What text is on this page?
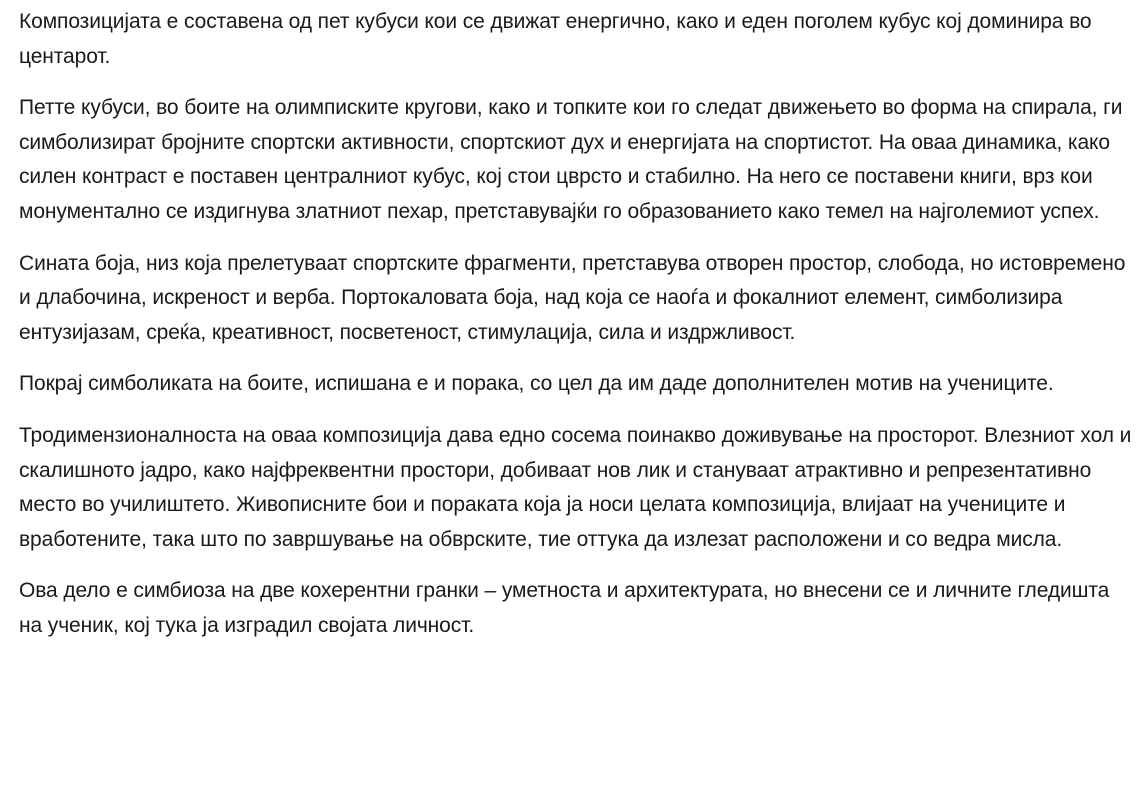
Композицијата е составена од пет кубуси кои се движат енергично, како и еден поголем кубус кој доминира во центарот.

Петте кубуси, во боите на олимписките кругови, како и топките кои го следат движењето во форма на спирала, ги симболизират бројните спортски активности, спортскиот дух и енергијата на спортистот. На оваа динамика, како силен контраст е поставен централниот кубус, кој стои цврсто и стабилно. На него се поставени книги, врз кои монументално се издигнува златниот пехар, претставувајќи го образованието како темел на најголемиот успех.

Сината боја, низ која прелетуваат спортските фрагменти, претставува отворен простор, слобода, но истовремено и длабочина, искреност и верба. Портокаловата боја, над која се наоѓа и фокалниот елемент, симболизира ентузијазам, среќа, креативност, посветеност, стимулација, сила и издржливост.

Покрај симболиката на боите, испишана е и порака, со цел да им даде дополнителен мотив на учениците.

Тродимензионалноста на оваа композиција дава едно сосема поинакво доживување на просторот. Влезниот хол и скалишното јадро, како најфреквентни простори, добиваат нов лик и стануваат атрактивно и репрезентативно место во училиштето. Живописните бои и пораката која ја носи целата композиција, влијаат на учениците и вработените, така што по завршување на обврските, тие оттука да излезат расположени и со ведра мисла.

Ова дело е симбиоза на две кохерентни гранки – уметноста и архитектурата, но внесени се и личните гледишта на ученик, кој тука ја изградил својата личност.
